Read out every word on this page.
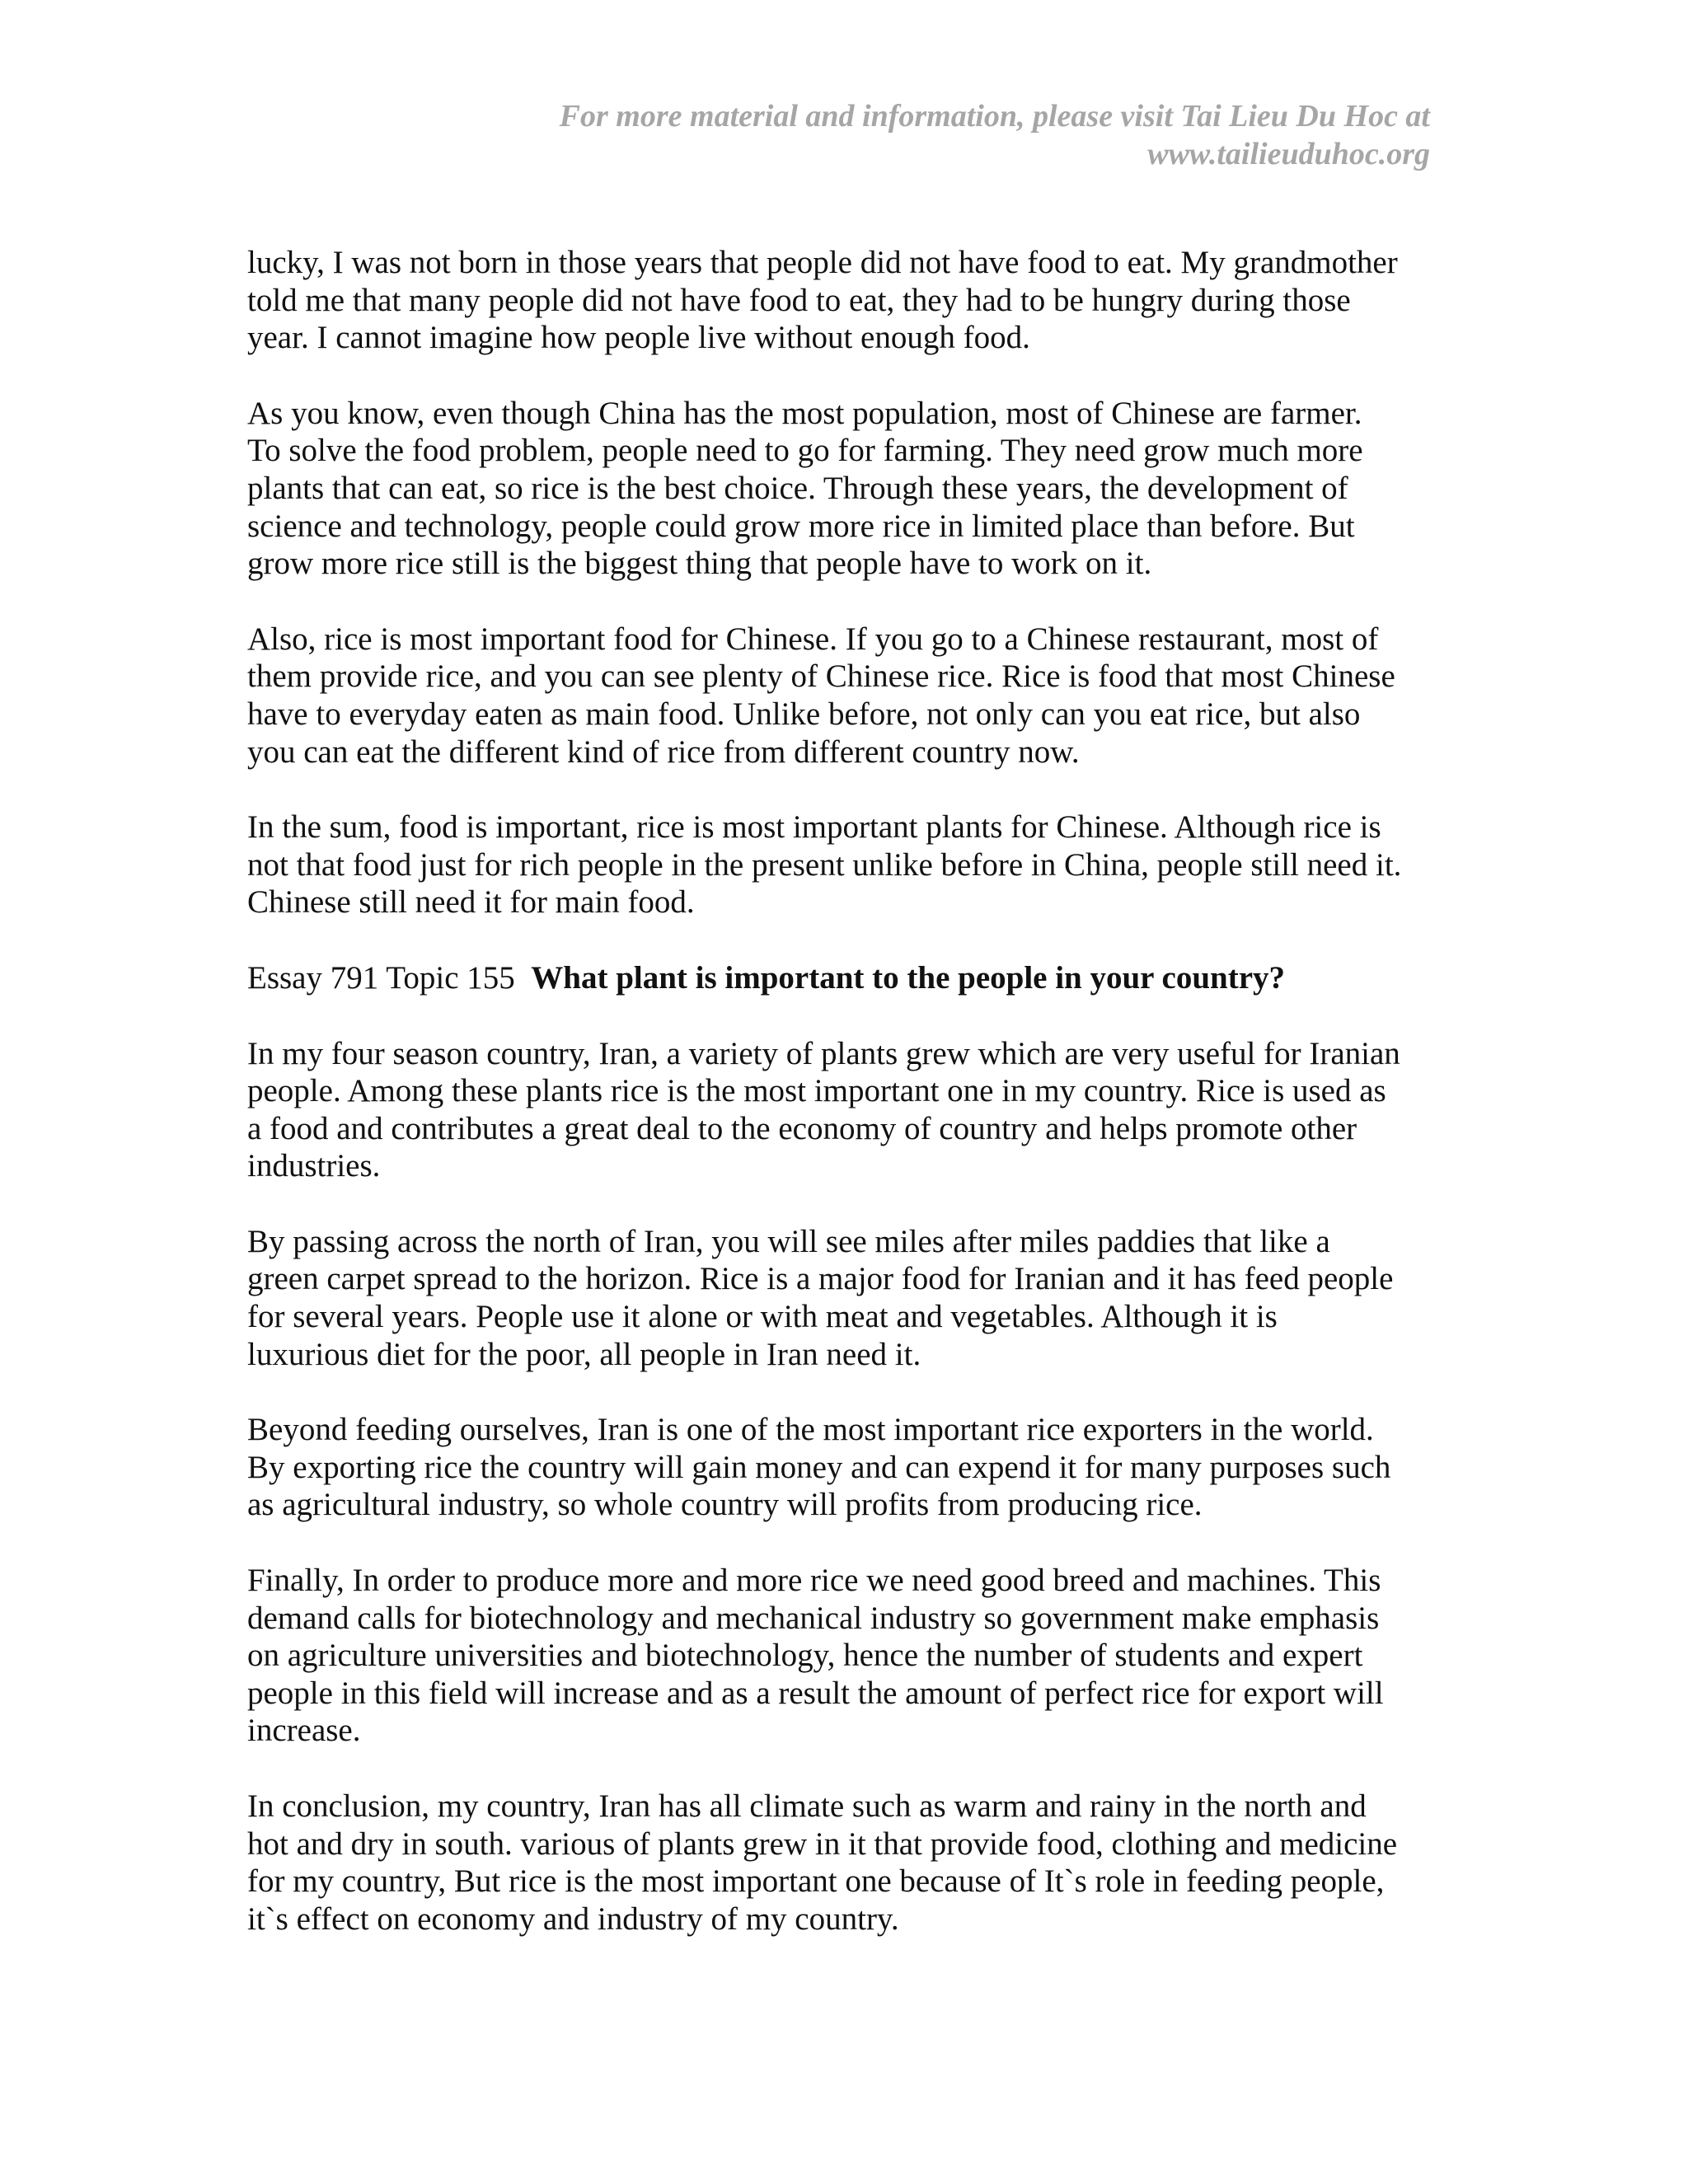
For more material and information, please visit Tai Lieu Du Hoc at
www.tailieuduhoc.org
lucky, I was not born in those years that people did not have food to eat. My grandmother
told me that many people did not have food to eat, they had to be hungry during those
year. I cannot imagine how people live without enough food.
As you know, even though China has the most population, most of Chinese are farmer.
To solve the food problem, people need to go for farming. They need grow much more
plants that can eat, so rice is the best choice. Through these years, the development of
science and technology, people could grow more rice in limited place than before. But
grow more rice still is the biggest thing that people have to work on it.
Also, rice is most important food for Chinese. If you go to a Chinese restaurant, most of
them provide rice, and you can see plenty of Chinese rice. Rice is food that most Chinese
have to everyday eaten as main food. Unlike before, not only can you eat rice, but also
you can eat the different kind of rice from different country now.
In the sum, food is important, rice is most important plants for Chinese. Although rice is
not that food just for rich people in the present unlike before in China, people still need it.
Chinese still need it for main food.
Essay 791 Topic 155 What plant is important to the people in your country?
In my four season country, Iran, a variety of plants grew which are very useful for Iranian
people. Among these plants rice is the most important one in my country. Rice is used as
a food and contributes a great deal to the economy of country and helps promote other
industries.
By passing across the north of Iran, you will see miles after miles paddies that like a
green carpet spread to the horizon. Rice is a major food for Iranian and it has feed people
for several years. People use it alone or with meat and vegetables. Although it is
luxurious diet for the poor, all people in Iran need it.
Beyond feeding ourselves, Iran is one of the most important rice exporters in the world.
By exporting rice the country will gain money and can expend it for many purposes such
as agricultural industry, so whole country will profits from producing rice.
Finally, In order to produce more and more rice we need good breed and machines. This
demand calls for biotechnology and mechanical industry so government make emphasis
on agriculture universities and biotechnology, hence the number of students and expert
people in this field will increase and as a result the amount of perfect rice for export will
increase.
In conclusion, my country, Iran has all climate such as warm and rainy in the north and
hot and dry in south. various of plants grew in it that provide food, clothing and medicine
for my country, But rice is the most important one because of It`s role in feeding people,
it`s effect on economy and industry of my country.
